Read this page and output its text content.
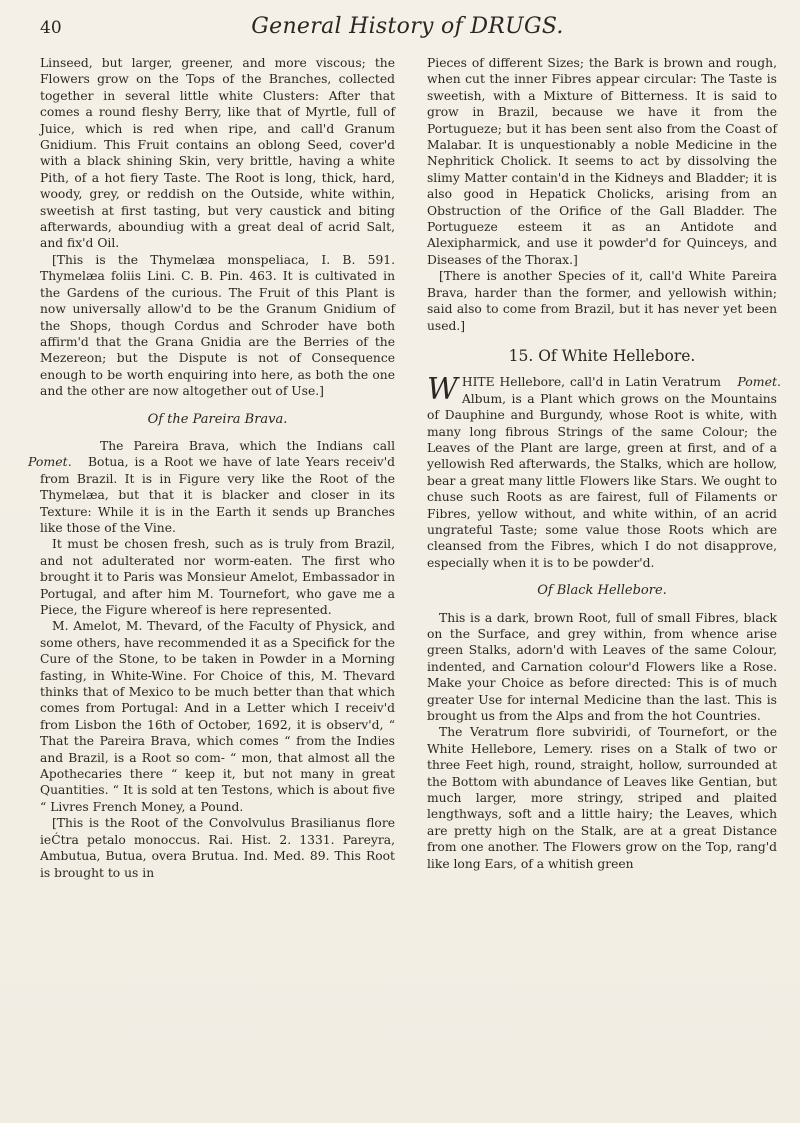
40	General History of DRUGS.

Linseed, but larger, greener, and more viscous; the Flowers grow on the Tops of the Branches, collected together in several little white Clusters: After that comes a round fleshy Berry, like that of Myrtle, full of Juice, which is red when ripe, and call'd Granum Gnidium. This Fruit contains an oblong Seed, cover'd with a black shining Skin, very brittle, having a white Pith, of a hot fiery Taste. The Root is long, thick, hard, woody, grey, or reddish on the Outside, white within, sweetish at first tasting, but very caustick and biting afterwards, aboundiug with a great deal of acrid Salt, and fix'd Oil.

[This is the Thymelæa monspeliaca, I. B. 591. Thymelæa foliis Lini. C. B. Pin. 463. It is cultivated in the Gardens of the curious. The Fruit of this Plant is now universally allow'd to be the Granum Gnidium of the Shops, though Cordus and Schroder have both affirm'd that the Grana Gnidia are the Berries of the Mezereon; but the Dispute is not of Consequence enough to be worth enquiring into here, as both the one and the other are now altogether out of Use.]

Of the Pareira Brava.

Pomet.
The Pareira Brava, which the Indians call Botua, is a Root we have of late Years receiv'd from Brazil. It is in Figure very like the Root of the Thymelæa, but that it is blacker and closer in its Texture: While it is in the Earth it sends up Branches like those of the Vine.

It must be chosen fresh, such as is truly from Brazil, and not adulterated nor worm-eaten. The first who brought it to Paris was Monsieur Amelot, Embassador in Portugal, and after him M. Tournefort, who gave me a Piece, the Figure whereof is here represented.

M. Amelot, M. Thevard, of the Faculty of Physick, and some others, have recommended it as a Specifick for the Cure of the Stone, to be taken in Powder in a Morning fasting, in White-Wine. For Choice of this, M. Thevard thinks that of Mexico to be much better than that which comes from Portugal: And in a Letter which I receiv'd from Lisbon the 16th of October, 1692, it is observ'd, “ That the Pareira Brava, which comes “ from the Indies and Brazil, is a Root so com- “ mon, that almost all the Apothecaries there “ keep it, but not many in great Quantities. “ It is sold at ten Testons, which is about five “ Livres French Money, a Pound.

[This is the Root of the Convolvulus Brasilianus flore ieĆtra petalo monoccus. Rai. Hist. 2. 1331. Pareyra, Ambutua, Butua, overa Brutua. Ind. Med. 89. This Root is brought to us in

Pieces of different Sizes; the Bark is brown and rough, when cut the inner Fibres appear circular: The Taste is sweetish, with a Mixture of Bitterness. It is said to grow in Brazil, because we have it from the Portugueze; but it has been sent also from the Coast of Malabar. It is unquestionably a noble Medicine in the Nephritick Cholick. It seems to act by dissolving the slimy Matter contain'd in the Kidneys and Bladder; it is also good in Hepatick Cholicks, arising from an Obstruction of the Orifice of the Gall Bladder. The Portugueze esteem it as an Antidote and Alexipharmick, and use it powder'd for Quinceys, and Diseases of the Thorax.]

[There is another Species of it, call'd White Pareira Brava, harder than the former, and yellowish within; said also to come from Brazil, but it has never yet been used.]

15. Of White Hellebore.

Pomet.
W HITE Hellebore, call'd in Latin Veratrum Album, is a Plant which grows on the Mountains of Dauphine and Burgundy, whose Root is white, with many long fibrous Strings of the same Colour; the Leaves of the Plant are large, green at first, and of a yellowish Red afterwards, the Stalks, which are hollow, bear a great many little Flowers like Stars. We ought to chuse such Roots as are fairest, full of Filaments or Fibres, yellow without, and white within, of an acrid ungrateful Taste; some value those Roots which are cleansed from the Fibres, which I do not disapprove, especially when it is to be powder'd.

Of Black Hellebore.

This is a dark, brown Root, full of small Fibres, black on the Surface, and grey within, from whence arise green Stalks, adorn'd with Leaves of the same Colour, indented, and Carnation colour'd Flowers like a Rose. Make your Choice as before directed: This is of much greater Use for internal Medicine than the last. This is brought us from the Alps and from the hot Countries.

The Veratrum flore subviridi, of Tournefort, or the White Hellebore, Lemery. rises on a Stalk of two or three Feet high, round, straight, hollow, surrounded at the Bottom with abundance of Leaves like Gentian, but much larger, more stringy, striped and plaited lengthways, soft and a little hairy; the Leaves, which are pretty high on the Stalk, are at a great Distance from one another. The Flowers grow on the Top, rang'd like long Ears, of a whitish green
